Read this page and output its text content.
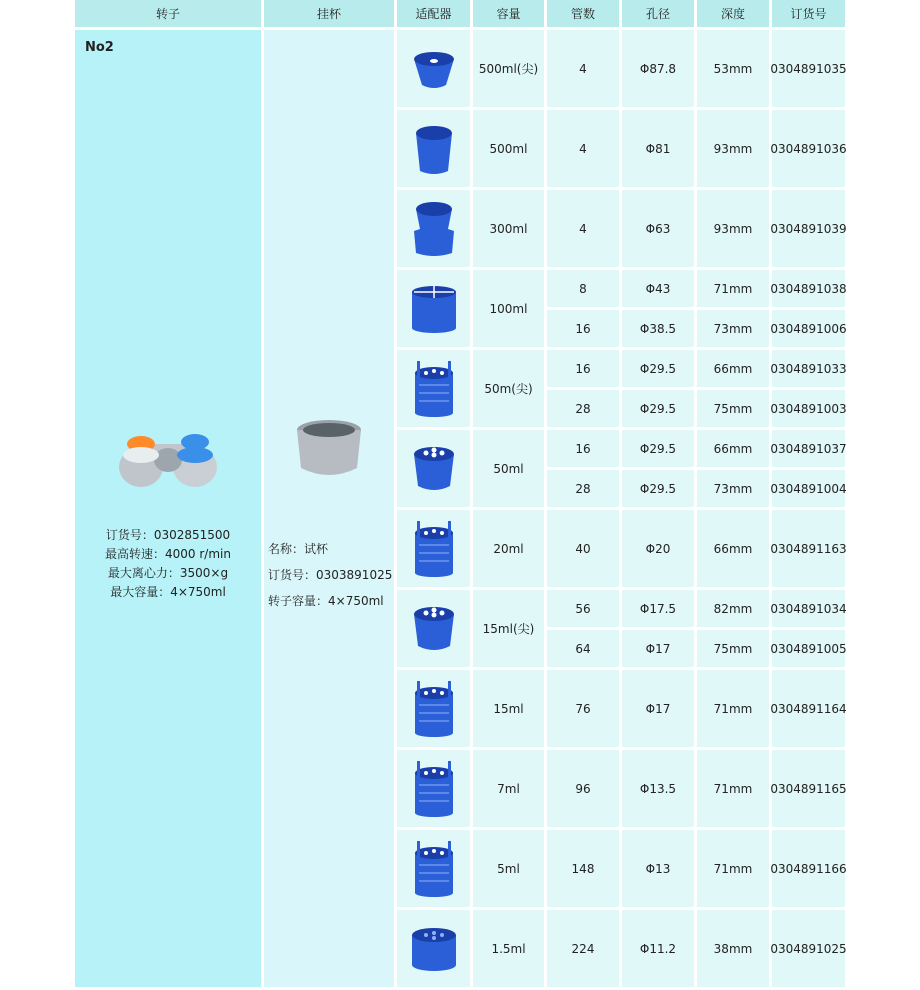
转子	挂杯	适配器	容量	管数	孔径	深度	订货号
No2
订货号：0302851500
最高转速：4000 r/min
最大离心力：3500×g
最大容量：4×750ml
名称：试杯
订货号：0303891025
转子容量：4×750ml
500ml(尖)	4	Φ87.8	53mm	0304891035
500ml	4	Φ81	93mm	0304891036
300ml	4	Φ63	93mm	0304891039
100ml
8	Φ43	71mm	0304891038
16	Φ38.5	73mm	0304891006
50m(尖)
16	Φ29.5	66mm	0304891033
28	Φ29.5	75mm	0304891003
50ml
16	Φ29.5	66mm	0304891037
28	Φ29.5	73mm	0304891004
20ml	40	Φ20	66mm	0304891163
15ml(尖)
56	Φ17.5	82mm	0304891034
64	Φ17	75mm	0304891005
15ml	76	Φ17	71mm	0304891164
7ml	96	Φ13.5	71mm	0304891165
5ml	148	Φ13	71mm	0304891166
1.5ml	224	Φ11.2	38mm	0304891025
